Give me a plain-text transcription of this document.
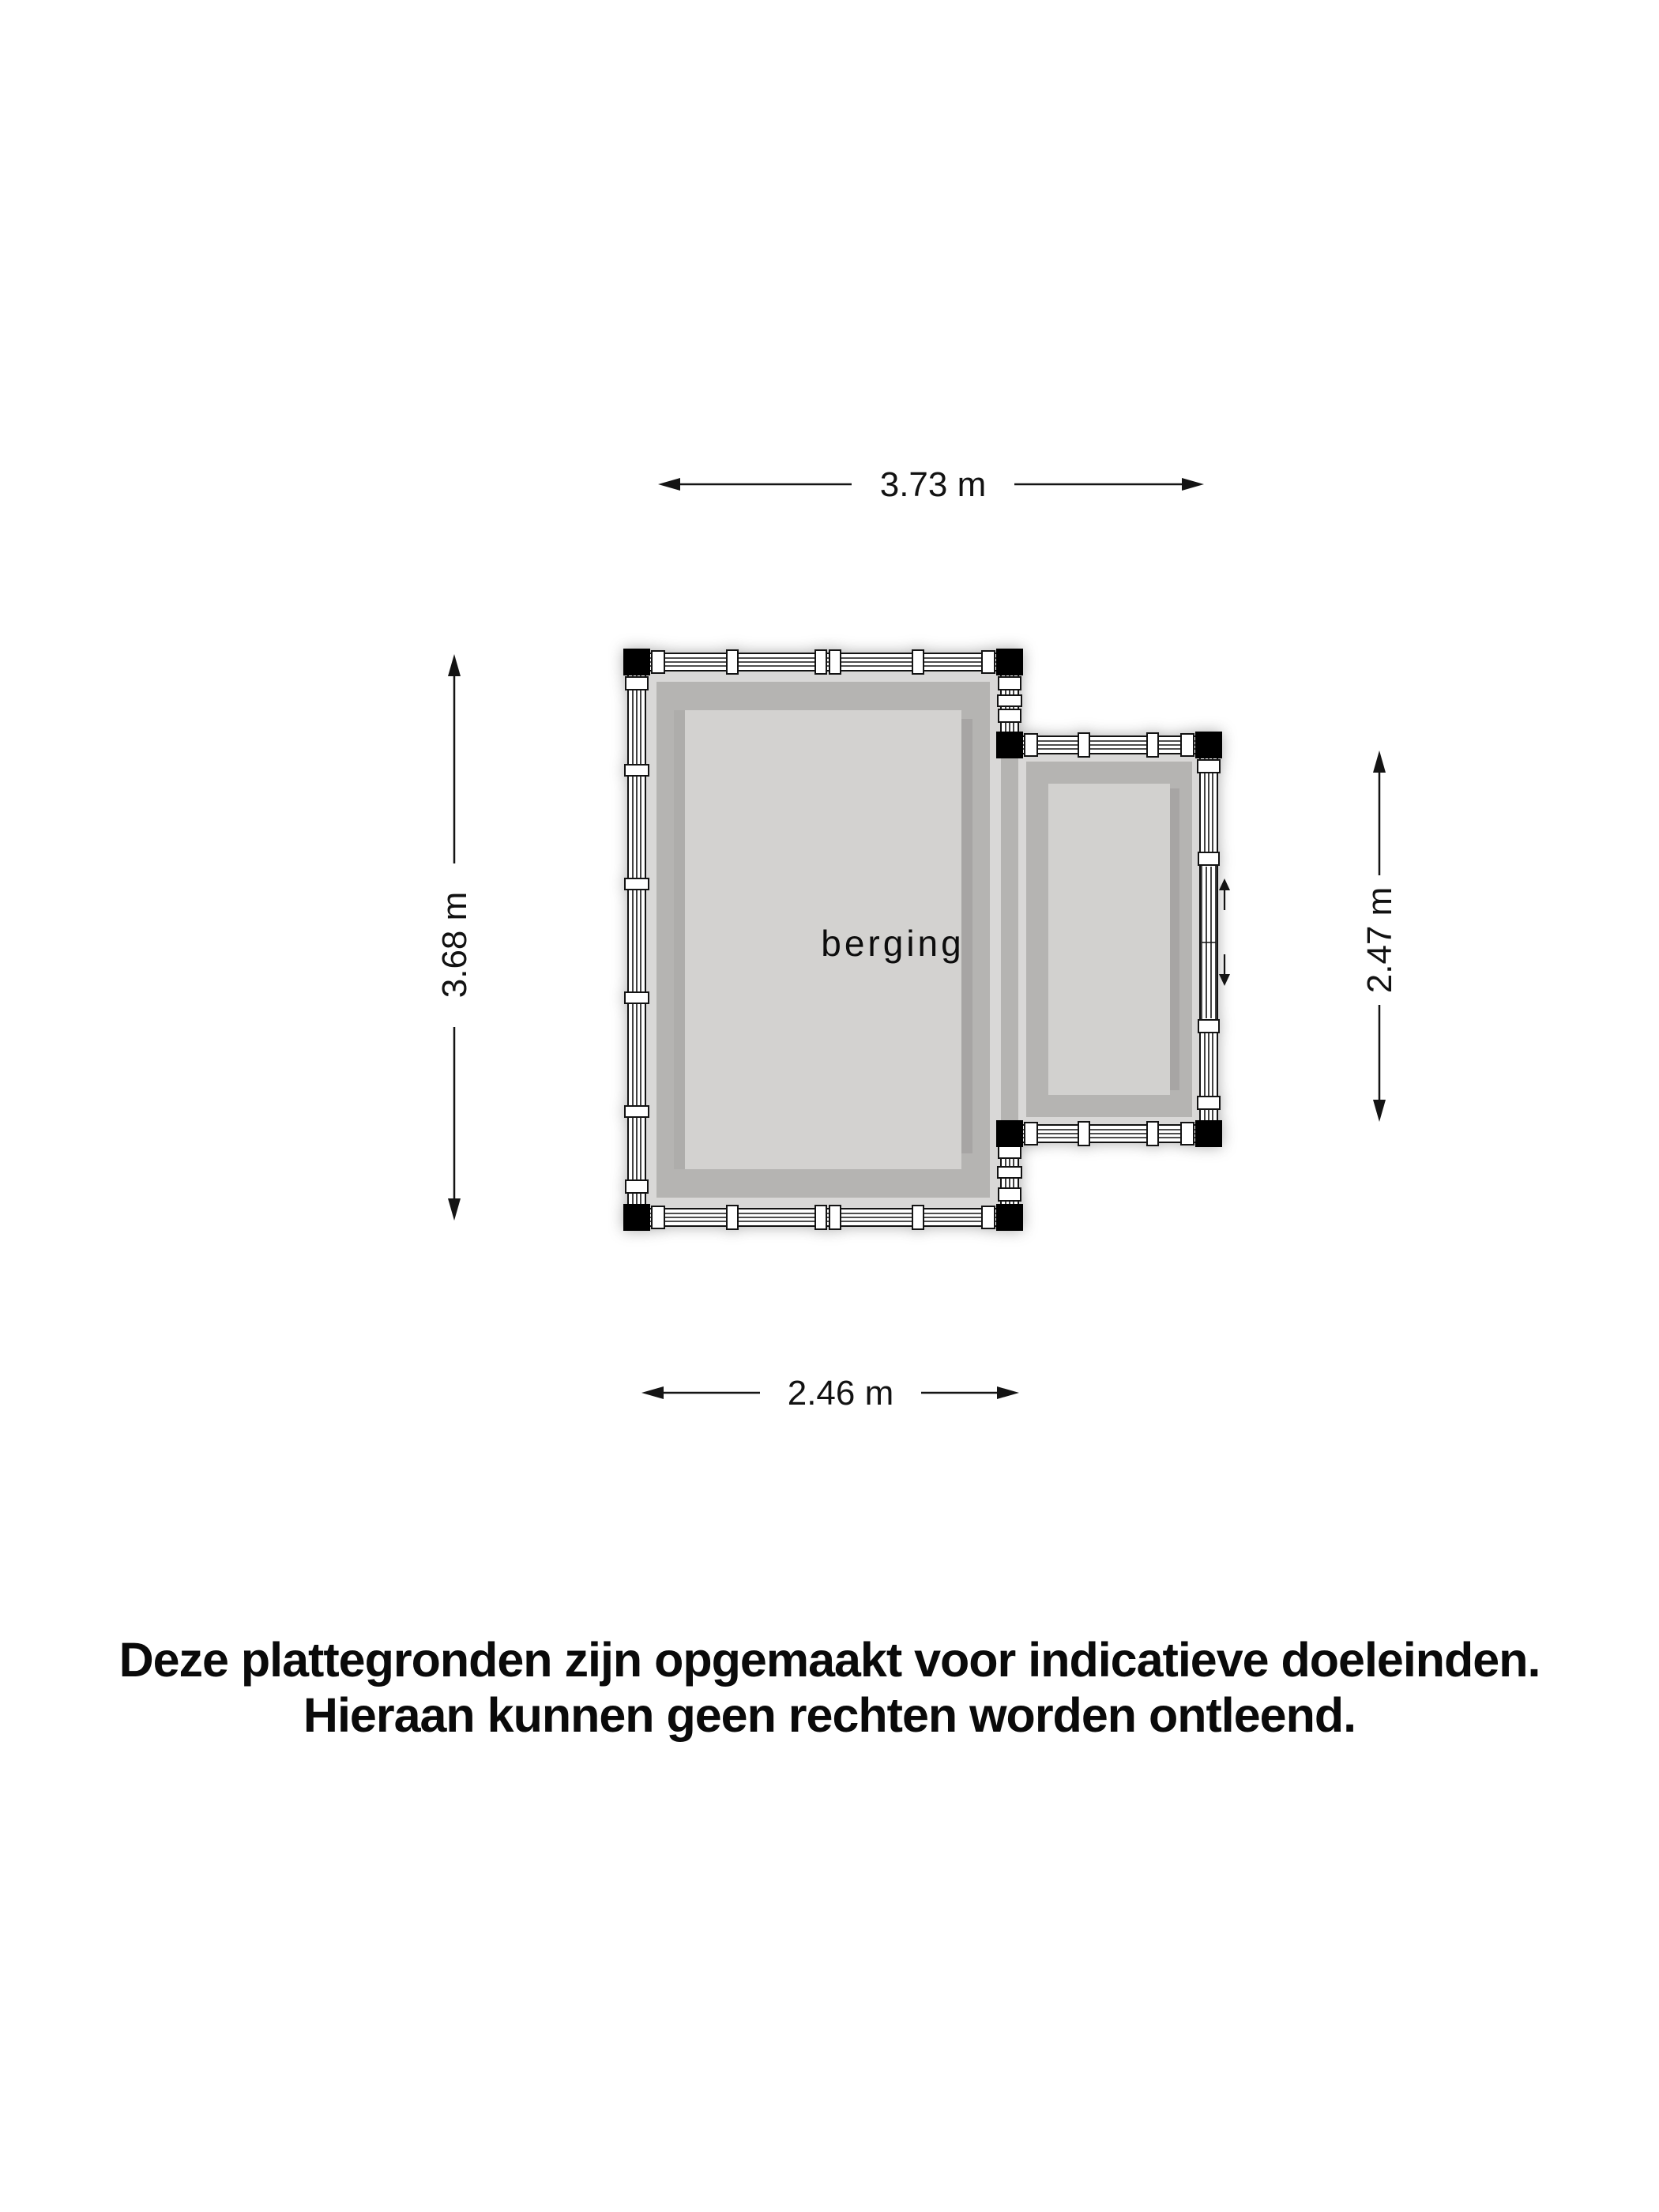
berging
3.73 m
3.68 m	2.47 m
2.46 m
Deze plattegronden zijn opgemaakt voor indicatieve doeleinden.
Hieraan kunnen geen rechten worden ontleend.
